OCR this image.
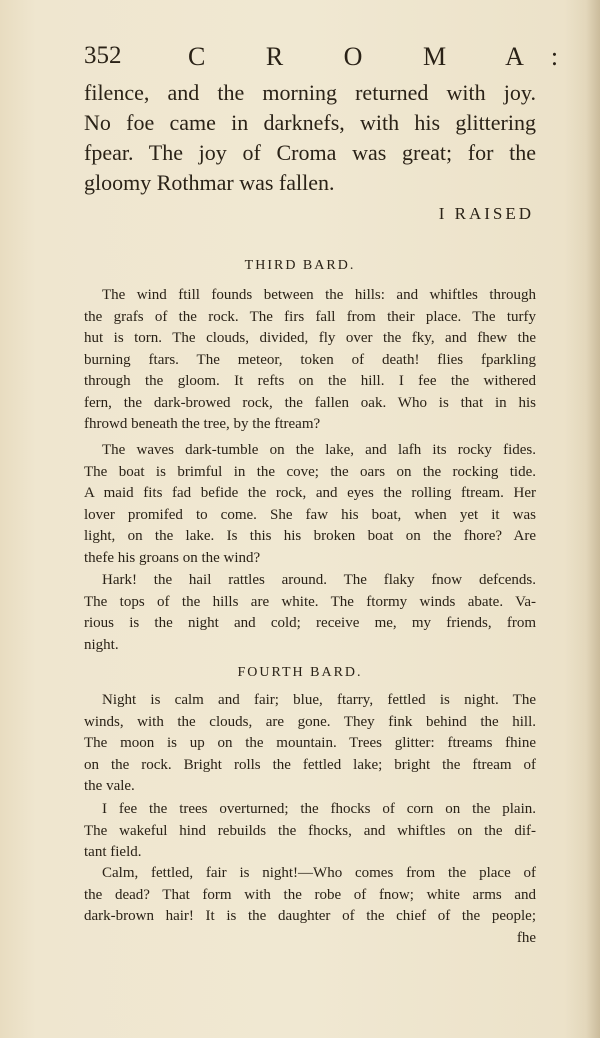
352	C R O M A:
filence, and the morning returned with joy.
No foe came in darknefs, with his glittering
fpear. The joy of Croma was great; for the
gloomy Rothmar was fallen.
I RAISED
THIRD BARD.
The wind ftill founds between the hills: and whiftles through
the grafs of the rock. The firs fall from their place. The turfy
hut is torn. The clouds, divided, fly over the fky, and fhew the
burning ftars. The meteor, token of death! flies fparkling
through the gloom. It refts on the hill. I fee the withered
fern, the dark-browed rock, the fallen oak. Who is that in his
fhrowd beneath the tree, by the ftream?
The waves dark-tumble on the lake, and lafh its rocky fides.
The boat is brimful in the cove; the oars on the rocking tide.
A maid fits fad befide the rock, and eyes the rolling ftream. Her
lover promifed to come. She faw his boat, when yet it was
light, on the lake. Is this his broken boat on the fhore? Are
thefe his groans on the wind?
Hark! the hail rattles around. The flaky fnow defcends.
The tops of the hills are white. The ftormy winds abate. Va-
rious is the night and cold; receive me, my friends, from
night.
FOURTH BARD.
Night is calm and fair; blue, ftarry, fettled is night. The
winds, with the clouds, are gone. They fink behind the hill.
The moon is up on the mountain. Trees glitter: ftreams fhine
on the rock. Bright rolls the fettled lake; bright the ftream of
the vale.
I fee the trees overturned; the fhocks of corn on the plain.
The wakeful hind rebuilds the fhocks, and whiftles on the dif-
tant field.
Calm, fettled, fair is night!—Who comes from the place of
the dead? That form with the robe of fnow; white arms and
dark-brown hair! It is the daughter of the chief of the people;
fhe
